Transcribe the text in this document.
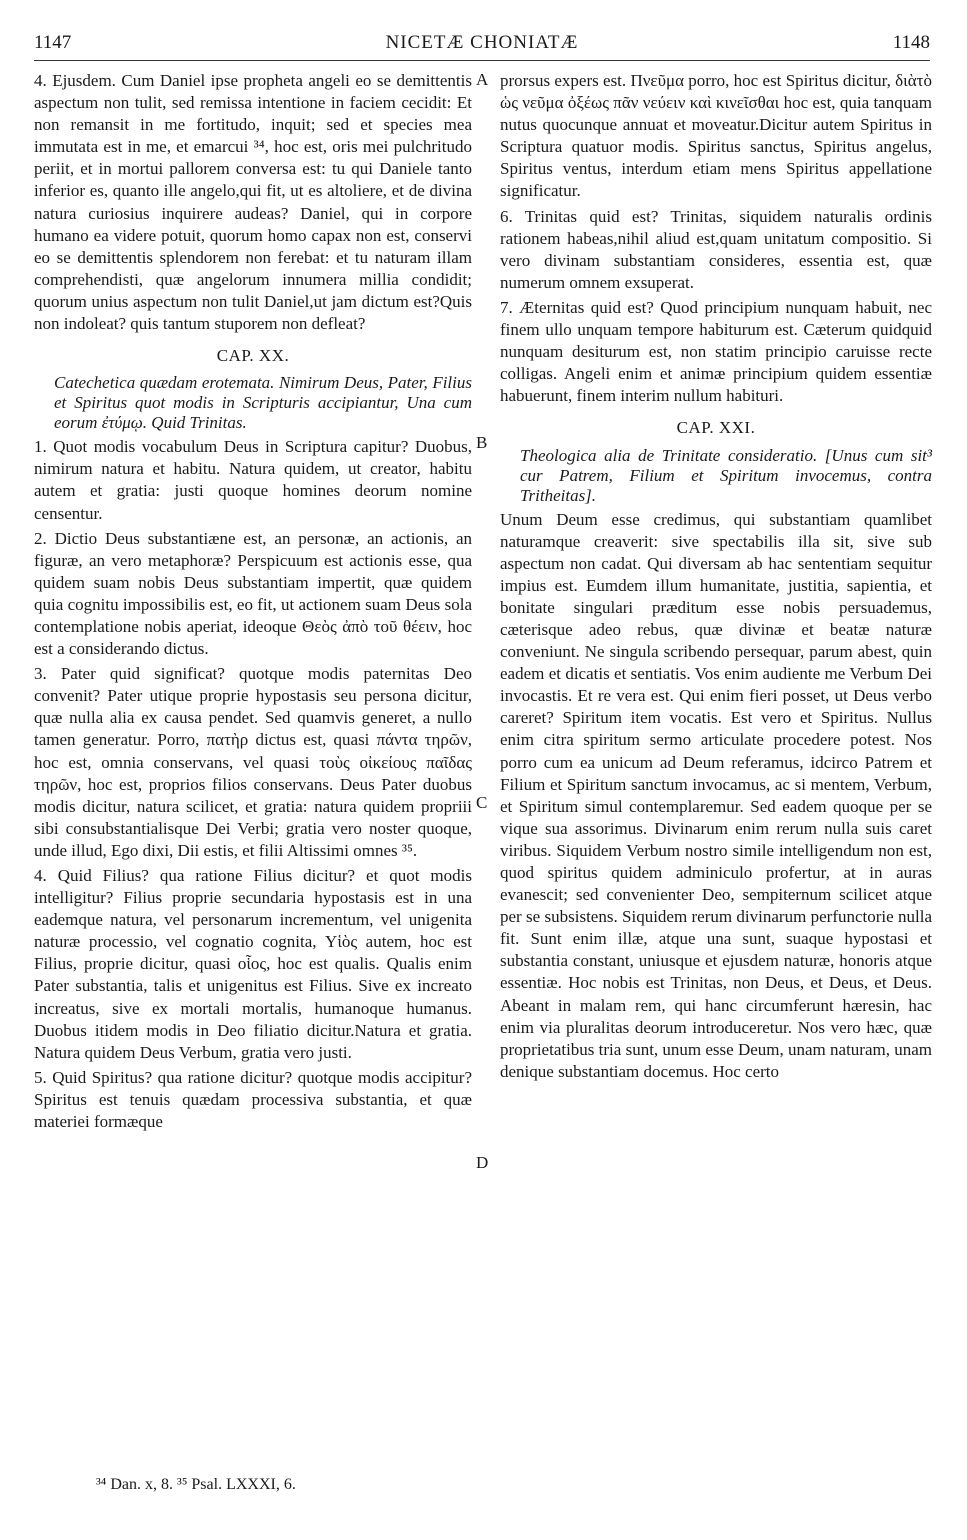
1147	NICETÆ CHONIATÆ	1148
A
B
C
D

4. Ejusdem. Cum Daniel ipse propheta angeli eo se demittentis aspectum non tulit, sed remissa intentione in faciem cecidit: Et non remansit in me fortitudo, inquit; sed et species mea immutata est in me, et emarcui ³⁴, hoc est, oris mei pulchritudo periit, et in mortui pallorem conversa est: tu qui Daniele tanto inferior es, quanto ille angelo,qui fit, ut es altoliere, et de divina natura curiosius inquirere audeas? Daniel, qui in corpore humano ea videre potuit, quorum homo capax non est, conservi eo se demittentis splendorem non ferebat: et tu naturam illam comprehendisti, quæ angelorum innumera millia condidit; quorum unius aspectum non tulit Daniel,ut jam dictum est?Quis non indoleat? quis tantum stuporem non defleat?

CAP. XX.

Catechetica quædam erotemata. Nimirum Deus, Pater, Filius et Spiritus quot modis in Scripturis accipiantur, Una cum eorum ἐτύμῳ. Quid Trinitas.

1. Quot modis vocabulum Deus in Scriptura capitur? Duobus, nimirum natura et habitu. Natura quidem, ut creator, habitu autem et gratia: justi quoque homines deorum nomine censentur.

2. Dictio Deus substantiæne est, an personæ, an actionis, an figuræ, an vero metaphoræ? Perspicuum est actionis esse, qua quidem suam nobis Deus substantiam impertit, quæ quidem quia cognitu impossibilis est, eo fit, ut actionem suam Deus sola contemplatione nobis aperiat, ideoque Θεὸς ἀπὸ τοῦ θέειν, hoc est a considerando dictus.

3. Pater quid significat? quotque modis paternitas Deo convenit? Pater utique proprie hypostasis seu persona dicitur, quæ nulla alia ex causa pendet. Sed quamvis generet, a nullo tamen generatur. Porro, πατὴρ dictus est, quasi πάντα τηρῶν, hoc est, omnia conservans, vel quasi τοὺς οἰκείους παῖδας τηρῶν, hoc est, proprios filios conservans. Deus Pater duobus modis dicitur, natura scilicet, et gratia: natura quidem propriii sibi consubstantialisque Dei Verbi; gratia vero noster quoque, unde illud, Ego dixi, Dii estis, et filii Altissimi omnes ³⁵.

4. Quid Filius? qua ratione Filius dicitur? et quot modis intelligitur? Filius proprie secundaria hypostasis est in una eademque natura, vel personarum incrementum, vel unigenita naturæ processio, vel cognatio cognita, Υἱὸς autem, hoc est Filius, proprie dicitur, quasi οἷος, hoc est qualis. Qualis enim Pater substantia, talis et unigenitus est Filius. Sive ex increato increatus, sive ex mortali mortalis, humanoque humanus. Duobus itidem modis in Deo filiatio dicitur.Natura et gratia. Natura quidem Deus Verbum, gratia vero justi.

5. Quid Spiritus? qua ratione dicitur? quotque modis accipitur? Spiritus est tenuis quædam processiva substantia, et quæ materiei formæque

prorsus expers est. Πνεῦμα porro, hoc est Spiritus dicitur, διὰτὸ ὡς νεῦμα ὀξέως πᾶν νεύειν καὶ κινεῖσθαι hoc est, quia tanquam nutus quocunque annuat et moveatur.Dicitur autem Spiritus in Scriptura quatuor modis. Spiritus sanctus, Spiritus angelus, Spiritus ventus, interdum etiam mens Spiritus appellatione significatur.

6. Trinitas quid est? Trinitas, siquidem naturalis ordinis rationem habeas,nihil aliud est,quam unitatum compositio. Si vero divinam substantiam consideres, essentia est, quæ numerum omnem exsuperat.

7. Æternitas quid est? Quod principium nunquam habuit, nec finem ullo unquam tempore habiturum est. Cæterum quidquid nunquam desiturum est, non statim principio caruisse recte colligas. Angeli enim et animæ principium quidem essentiæ habuerunt, finem interim nullum habituri.

CAP. XXI.

Theologica alia de Trinitate consideratio. [Unus cum sit³ cur Patrem, Filium et Spiritum invocemus, contra Tritheitas].

Unum Deum esse credimus, qui substantiam quamlibet naturamque creaverit: sive spectabilis illa sit, sive sub aspectum non cadat. Qui diversam ab hac sententiam sequitur impius est. Eumdem illum humanitate, justitia, sapientia, et bonitate singulari præditum esse nobis persuademus, cæterisque adeo rebus, quæ divinæ et beatæ naturæ conveniunt. Ne singula scribendo persequar, parum abest, quin eadem et dicatis et sentiatis. Vos enim audiente me Verbum Dei invocastis. Et re vera est. Qui enim fieri posset, ut Deus verbo careret? Spiritum item vocatis. Est vero et Spiritus. Nullus enim citra spiritum sermo articulate procedere potest. Nos porro cum ea unicum ad Deum referamus, idcirco Patrem et Filium et Spiritum sanctum invocamus, ac si mentem, Verbum, et Spiritum simul contemplaremur. Sed eadem quoque per se vique sua assorimus. Divinarum enim rerum nulla suis caret viribus. Siquidem Verbum nostro simile intelligendum non est, quod spiritus quidem adminiculo profertur, at in auras evanescit; sed convenienter Deo, sempiternum scilicet atque per se subsistens. Siquidem rerum divinarum perfunctorie nulla fit. Sunt enim illæ, atque una sunt, suaque hypostasi et substantia constant, uniusque et ejusdem naturæ, honoris atque essentiæ. Hoc nobis est Trinitas, non Deus, et Deus, et Deus. Abeant in malam rem, qui hanc circumferunt hæresin, hac enim via pluralitas deorum introduceretur. Nos vero hæc, quæ proprietatibus tria sunt, unum esse Deum, unam naturam, unam denique substantiam docemus. Hoc certo

³⁴ Dan. x, 8. ³⁵ Psal. LXXXI, 6.
